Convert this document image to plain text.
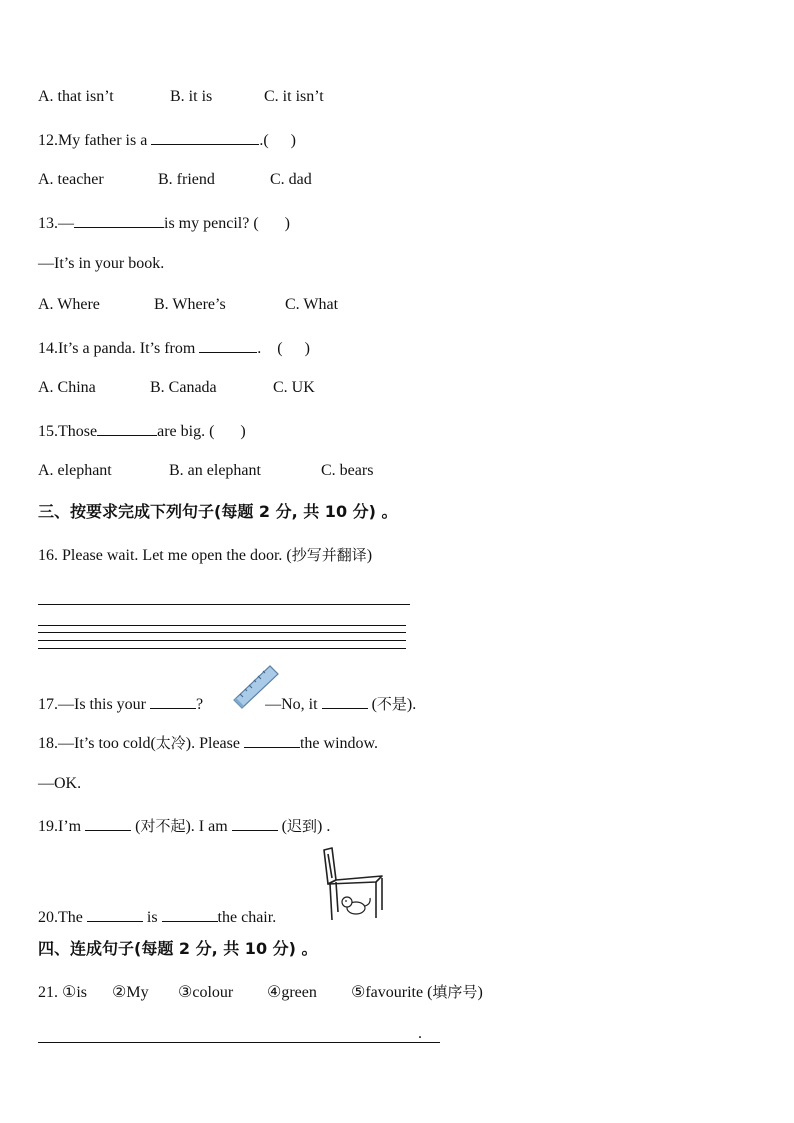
A. that isn’t	B. it is	C. it isn’t
12.My father is a	.( )
A. teacher	B. friend	C. dad
13.—	is my pencil? ( )
—It’s in your book.
A. Where	B. Where’s	C. What
14.It’s a panda. It’s from	. ( )
A. China	B. Canada	C. UK
15.Those	are big. ( )
A. elephant	B. an elephant	C. bears
三、按要求完成下列句子(每题 2 分, 共 10 分) 。
16. Please wait. Let me open the door. (抄写并翻译)
17.—Is this your	?	—No, it	(不是).
18.—It’s too cold(太冷). Please	the window.
—OK.
19.I’m	(对不起). I am	(迟到) .
20.The	is	the chair.
四、连成句子(每题 2 分, 共 10 分) 。
21. ①is ②My ③colour ④green ⑤favourite (填序号)
.
